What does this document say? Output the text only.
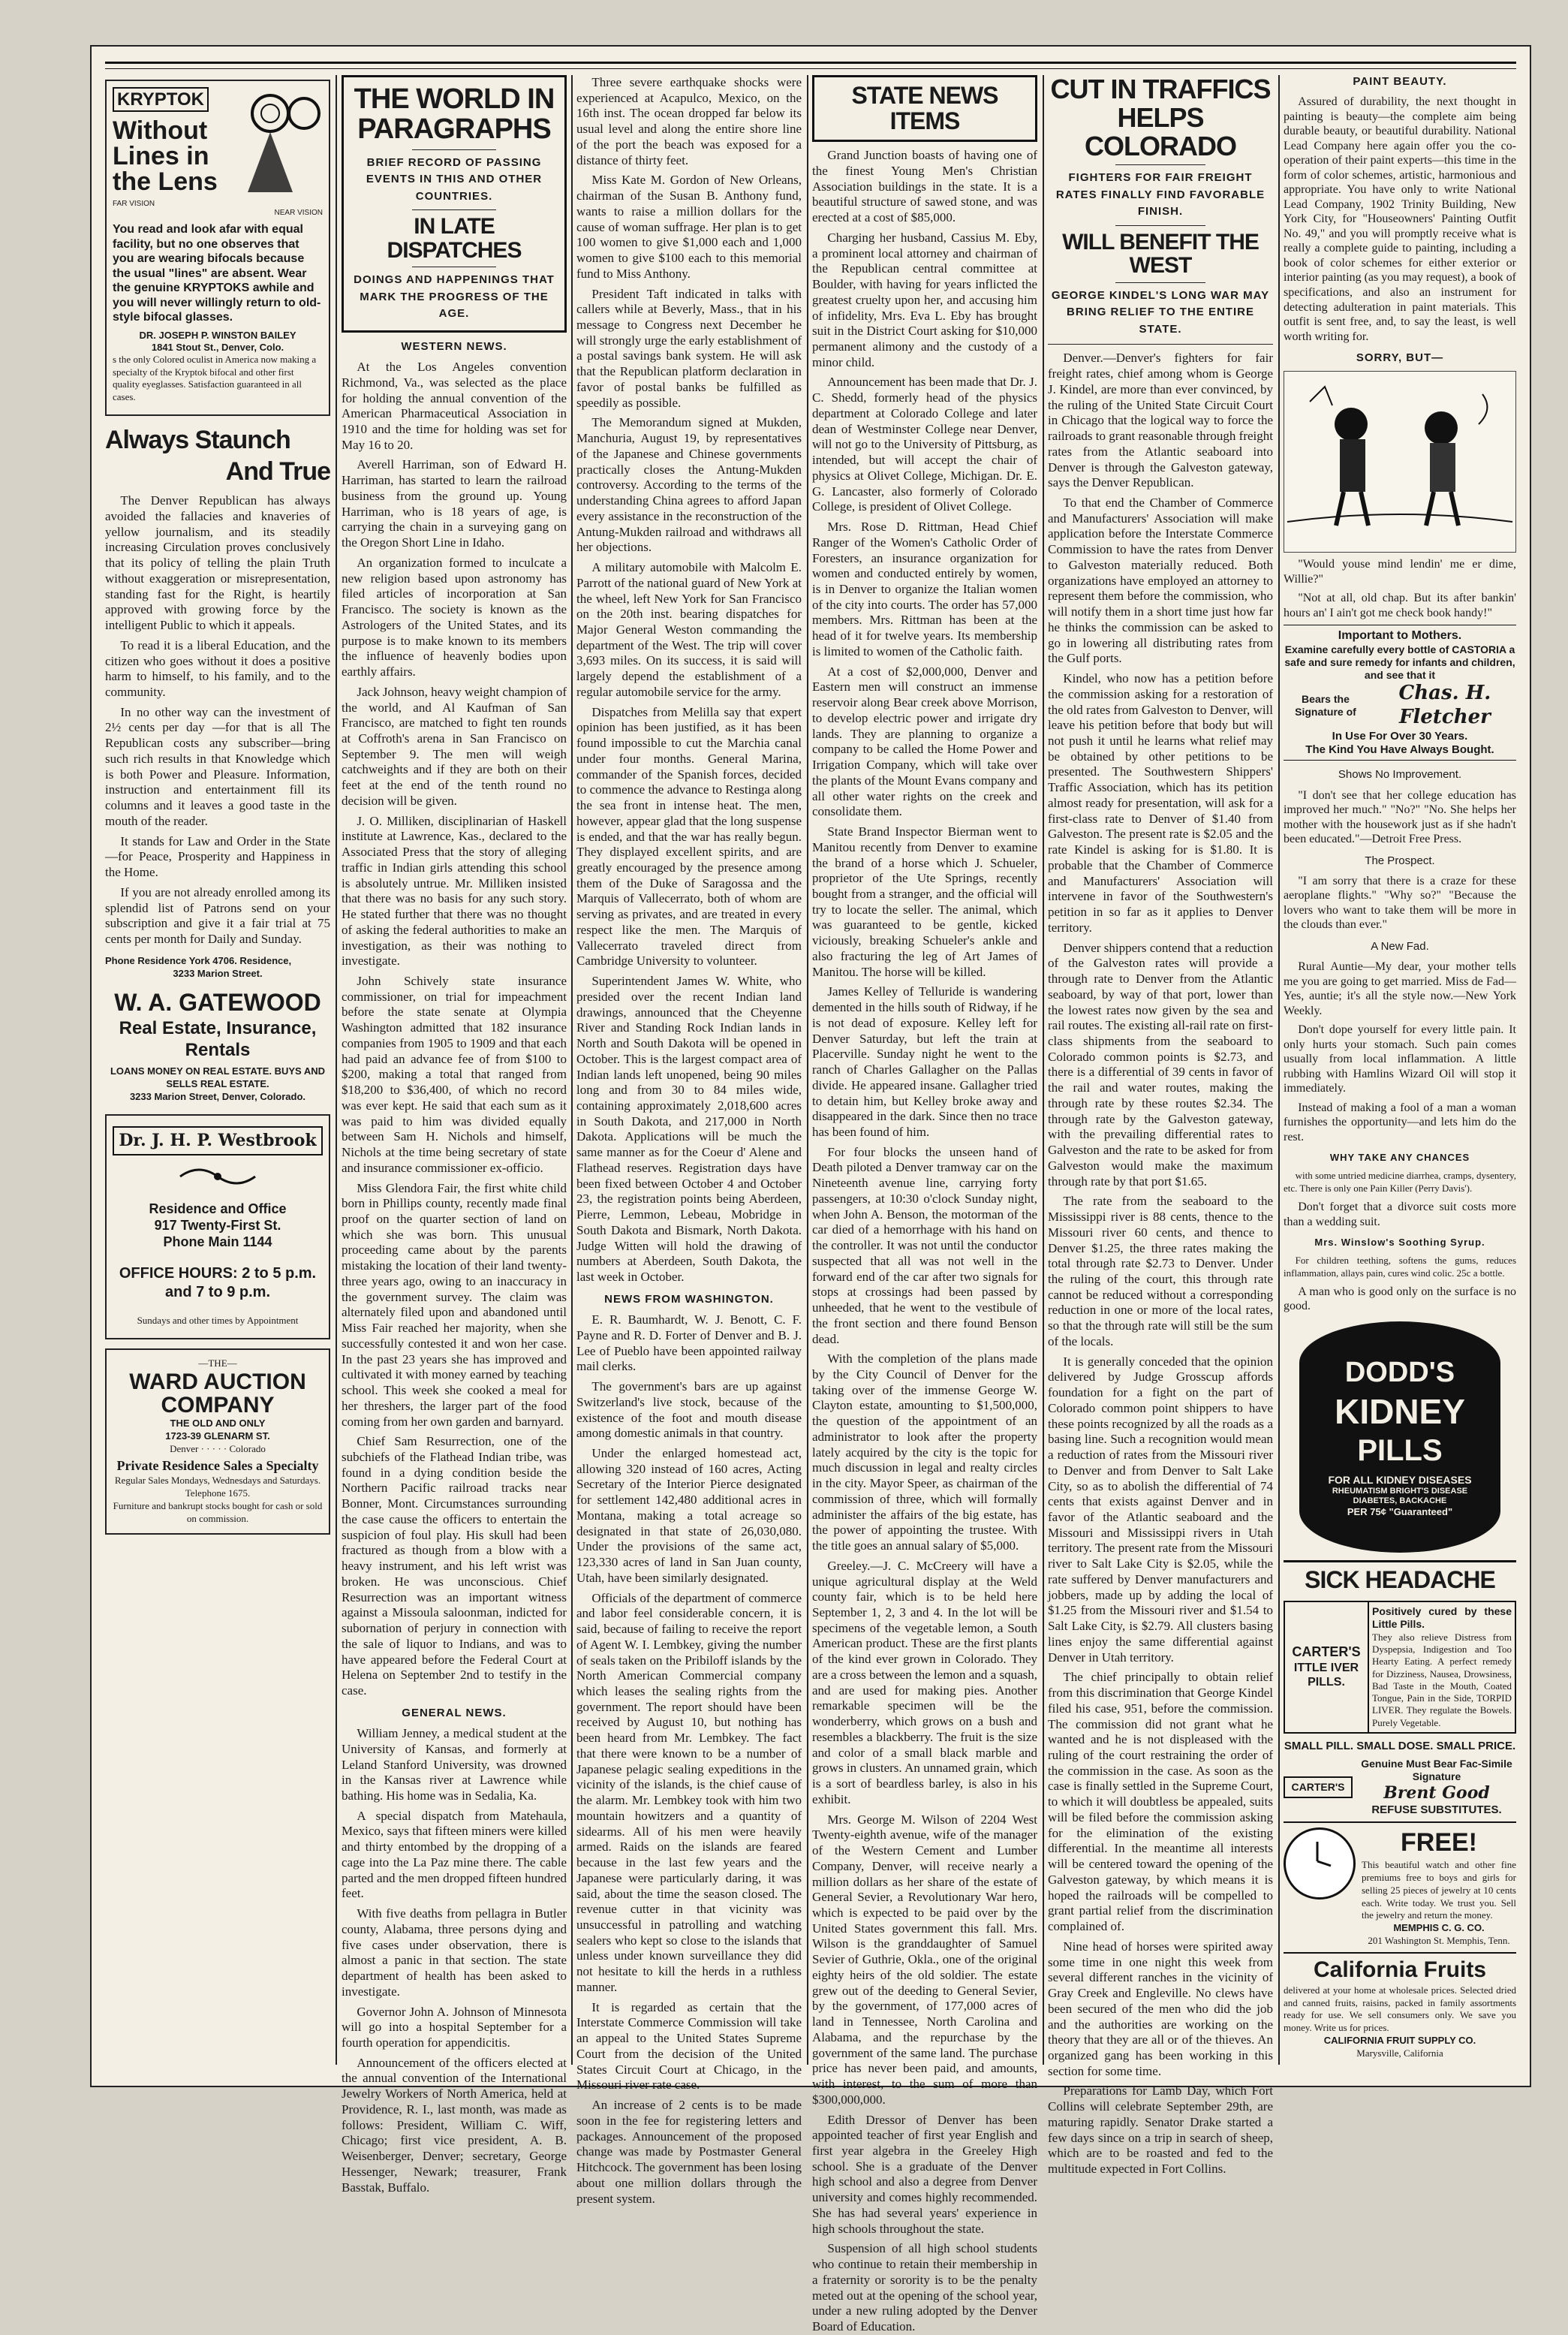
KRYPTOK
Without Lines in the Lens
FAR VISION
NEAR VISION

You read and look afar with equal facility, but no one observes that you are wearing bifocals because the usual "lines" are absent. Wear the genuine KRYPTOKS awhile and you will never willingly return to old-style bifocal glasses.

DR. JOSEPH P. WINSTON BAILEY
1841 Stout St., Denver, Colo.

s the only Colored oculist in America now making a specialty of the Kryptok bifocal and other first quality eyeglasses. Satisfaction guaranteed in all cases.

Always Staunch
And True

The Denver Republican has always avoided the fallacies and knaveries of yellow journalism, and its steadily increasing Circulation proves conclusively that its policy of telling the plain Truth without exaggeration or misrepresentation, standing fast for the Right, is heartily approved with growing force by the intelligent Public to which it appeals.

To read it is a liberal Education, and the citizen who goes without it does a positive harm to himself, to his family, and to the community.

In no other way can the investment of 2½ cents per day —for that is all The Republican costs any subscriber—bring such rich results in that Knowledge which is both Power and Pleasure. Information, instruction and entertainment fill its columns and it leaves a good taste in the mouth of the reader.

It stands for Law and Order in the State—for Peace, Prosperity and Happiness in the Home.

If you are not already enrolled among its splendid list of Patrons send on your subscription and give it a fair trial at 75 cents per month for Daily and Sunday.

Phone Residence York 4706. Residence,
3233 Marion Street.
W. A. GATEWOOD
Real Estate, Insurance, Rentals
LOANS MONEY ON REAL ESTATE. BUYS AND SELLS REAL ESTATE.
3233 Marion Street, Denver, Colorado.
Dr. J. H. P. Westbrook
Residence and Office
917 Twenty-First St.
Phone Main 1144
OFFICE HOURS: 2 to 5 p.m.
and 7 to 9 p.m.
Sundays and other times by Appointment
—THE—
WARD AUCTION COMPANY
THE OLD AND ONLY
1723-39 GLENARM ST.
Denver · · · · · Colorado
Private Residence Sales a Specialty
Regular Sales Mondays, Wednesdays and Saturdays.
Telephone 1675.
Furniture and bankrupt stocks bought for cash or sold on commission.
THE WORLD IN PARAGRAPHS
BRIEF RECORD OF PASSING EVENTS IN THIS AND OTHER COUNTRIES.
IN LATE DISPATCHES
DOINGS AND HAPPENINGS THAT MARK THE PROGRESS OF THE AGE.
WESTERN NEWS.

At the Los Angeles convention Richmond, Va., was selected as the place for holding the annual convention of the American Pharmaceutical Association in 1910 and the time for holding was set for May 16 to 20.

Averell Harriman, son of Edward H. Harriman, has started to learn the railroad business from the ground up. Young Harriman, who is 18 years of age, is carrying the chain in a surveying gang on the Oregon Short Line in Idaho.

An organization formed to inculcate a new religion based upon astronomy has filed articles of incorporation at San Francisco. The society is known as the Astrologers of the United States, and its purpose is to make known to its members the influence of heavenly bodies upon earthly affairs.

Jack Johnson, heavy weight champion of the world, and Al Kaufman of San Francisco, are matched to fight ten rounds at Coffroth's arena in San Francisco on September 9. The men will weigh catchweights and if they are both on their feet at the end of the tenth round no decision will be given.

J. O. Milliken, disciplinarian of Haskell institute at Lawrence, Kas., declared to the Associated Press that the story of alleging traffic in Indian girls attending this school is absolutely untrue. Mr. Milliken insisted that there was no basis for any such story. He stated further that there was no thought of asking the federal authorities to make an investigation, as their was nothing to investigate.

John Schively state insurance commissioner, on trial for impeachment before the state senate at Olympia Washington admitted that 182 insurance companies from 1905 to 1909 and that each had paid an advance fee of from $100 to $200, making a total that ranged from $18,200 to $36,400, of which no record was ever kept. He said that each sum as it was paid to him was divided equally between Sam H. Nichols and himself, Nichols at the time being secretary of state and insurance commissioner ex-officio.

Miss Glendora Fair, the first white child born in Phillips county, recently made final proof on the quarter section of land on which she was born. This unusual proceeding came about by the parents mistaking the location of their land twenty-three years ago, owing to an inaccuracy in the government survey. The claim was alternately filed upon and abandoned until Miss Fair reached her majority, when she successfully contested it and won her case. In the past 23 years she has improved and cultivated it with money earned by teaching school. This week she cooked a meal for her threshers, the larger part of the food coming from her own garden and barnyard.

Chief Sam Resurrection, one of the subchiefs of the Flathead Indian tribe, was found in a dying condition beside the Northern Pacific railroad tracks near Bonner, Mont. Circumstances surrounding the case cause the officers to entertain the suspicion of foul play. His skull had been fractured as though from a blow with a heavy instrument, and his left wrist was broken. He was unconscious. Chief Resurrection was an important witness against a Missoula saloonman, indicted for subornation of perjury in connection with the sale of liquor to Indians, and was to have appeared before the Federal Court at Helena on September 2nd to testify in the case.

GENERAL NEWS.

William Jenney, a medical student at the University of Kansas, and formerly at Leland Stanford University, was drowned in the Kansas river at Lawrence while bathing. His home was in Sedalia, Ka.

A special dispatch from Matehaula, Mexico, says that fifteen miners were killed and thirty entombed by the dropping of a cage into the La Paz mine there. The cable parted and the men dropped fifteen hundred feet.

With five deaths from pellagra in Butler county, Alabama, three persons dying and five cases under observation, there is almost a panic in that section. The state department of health has been asked to investigate.

Governor John A. Johnson of Minnesota will go into a hospital September for a fourth operation for appendicitis.

Announcement of the officers elected at the annual convention of the International Jewelry Workers of North America, held at Providence, R. I., last month, was made as follows: President, William C. Wiff, Chicago; first vice president, A. B. Weisenberger, Denver; secretary, George Hessenger, Newark; treasurer, Frank Basstak, Buffalo.

Three severe earthquake shocks were experienced at Acapulco, Mexico, on the 16th inst. The ocean dropped far below its usual level and along the entire shore line of the port the beach was exposed for a distance of thirty feet.

Miss Kate M. Gordon of New Orleans, chairman of the Susan B. Anthony fund, wants to raise a million dollars for the cause of woman suffrage. Her plan is to get 100 women to give $1,000 each and 1,000 women to give $100 each to this memorial fund to Miss Anthony.

President Taft indicated in talks with callers while at Beverly, Mass., that in his message to Congress next December he will strongly urge the early establishment of a postal savings bank system. He will ask that the Republican platform declaration in favor of postal banks be fulfilled as speedily as possible.

The Memorandum signed at Mukden, Manchuria, August 19, by representatives of the Japanese and Chinese governments practically closes the Antung-Mukden controversy. According to the terms of the understanding China agrees to afford Japan every assistance in the reconstruction of the Antung-Mukden railroad and withdraws all her objections.

A military automobile with Malcolm E. Parrott of the national guard of New York at the wheel, left New York for San Francisco on the 20th inst. bearing dispatches for Major General Weston commanding the department of the West. The trip will cover 3,693 miles. On its success, it is said will largely depend the establishment of a regular automobile service for the army.

Dispatches from Melilla say that expert opinion has been justified, as it has been found impossible to cut the Marchia canal under four months. General Marina, commander of the Spanish forces, decided to commence the advance to Restinga along the sea front in intense heat. The men, however, appear glad that the long suspense is ended, and that the war has really begun. They displayed excellent spirits, and are greatly encouraged by the presence among them of the Duke of Saragossa and the Marquis of Vallecerrato, both of whom are serving as privates, and are treated in every respect like the men. The Marquis of Vallecerrato traveled direct from Cambridge University to volunteer.

Superintendent James W. White, who presided over the recent Indian land drawings, announced that the Cheyenne River and Standing Rock Indian lands in North and South Dakota will be opened in October. This is the largest compact area of Indian lands left unopened, being 90 miles long and from 30 to 84 miles wide, containing approximately 2,018,600 acres in South Dakota, and 217,000 in North Dakota. Applications will be much the same manner as for the Coeur d' Alene and Flathead reserves. Registration days have been fixed between October 4 and October 23, the registration points being Aberdeen, Pierre, Lemmon, Lebeau, Mobridge in South Dakota and Bismark, North Dakota. Judge Witten will hold the drawing of numbers at Aberdeen, South Dakota, the last week in October.

NEWS FROM WASHINGTON.

E. R. Baumhardt, W. J. Benott, C. F. Payne and R. D. Forter of Denver and B. J. Lee of Pueblo have been appointed railway mail clerks.

The government's bars are up against Switzerland's live stock, because of the existence of the foot and mouth disease among domestic animals in that country.

Under the enlarged homestead act, allowing 320 instead of 160 acres, Acting Secretary of the Interior Pierce designated for settlement 142,480 additional acres in Montana, making a total acreage so designated in that state of 26,030,080. Under the provisions of the same act, 123,330 acres of land in San Juan county, Utah, have been similarly designated.

Officials of the department of commerce and labor feel considerable concern, it is said, because of failing to receive the report of Agent W. I. Lembkey, giving the number of seals taken on the Pribiloff islands by the North American Commercial company which leases the sealing rights from the government. The report should have been received by August 10, but nothing has been heard from Mr. Lembkey. The fact that there were known to be a number of Japanese pelagic sealing expeditions in the vicinity of the islands, is the chief cause of the alarm. Mr. Lembkey took with him two mountain howitzers and a quantity of sidearms. All of his men were heavily armed. Raids on the islands are feared because in the last few years and the Japanese were particularly daring, it was said, about the time the season closed. The revenue cutter in that vicinity was unsuccessful in patrolling and watching sealers who kept so close to the islands that unless under known surveillance they did not hesitate to kill the herds in a ruthless manner.

It is regarded as certain that the Interstate Commerce Commission will take an appeal to the United States Supreme Court from the decision of the United States Circuit Court at Chicago, in the Missouri river rate case.

An increase of 2 cents is to be made soon in the fee for registering letters and packages. Announcement of the proposed change was made by Postmaster General Hitchcock. The government has been losing about one million dollars through the present system.

STATE NEWS ITEMS

Grand Junction boasts of having one of the finest Young Men's Christian Association buildings in the state. It is a beautiful structure of sawed stone, and was erected at a cost of $85,000.

Charging her husband, Cassius M. Eby, a prominent local attorney and chairman of the Republican central committee at Boulder, with having for years inflicted the greatest cruelty upon her, and accusing him of infidelity, Mrs. Eva L. Eby has brought suit in the District Court asking for $10,000 permanent alimony and the custody of a minor child.

Announcement has been made that Dr. J. C. Shedd, formerly head of the physics department at Colorado College and later dean of Westminster College near Denver, will not go to the University of Pittsburg, as intended, but will accept the chair of physics at Olivet College, Michigan. Dr. E. G. Lancaster, also formerly of Colorado College, is president of Olivet College.

Mrs. Rose D. Rittman, Head Chief Ranger of the Women's Catholic Order of Foresters, an insurance organization for women and conducted entirely by women, is in Denver to organize the Italian women of the city into courts. The order has 57,000 members. Mrs. Rittman has been at the head of it for twelve years. Its membership is limited to women of the Catholic faith.

At a cost of $2,000,000, Denver and Eastern men will construct an immense reservoir along Bear creek above Morrison, to develop electric power and irrigate dry lands. They are planning to organize a company to be called the Home Power and Irrigation Company, which will take over the plants of the Mount Evans company and all other water rights on the creek and consolidate them.

State Brand Inspector Bierman went to Manitou recently from Denver to examine the brand of a horse which J. Schueler, proprietor of the Ute Springs, recently bought from a stranger, and the official will try to locate the seller. The animal, which was guaranteed to be gentle, kicked viciously, breaking Schueler's ankle and also fracturing the leg of Art James of Manitou. The horse will be killed.

James Kelley of Telluride is wandering demented in the hills south of Ridway, if he is not dead of exposure. Kelley left for Denver Saturday, but left the train at Placerville. Sunday night he went to the ranch of Charles Gallagher on the Pallas divide. He appeared insane. Gallagher tried to detain him, but Kelley broke away and disappeared in the dark. Since then no trace has been found of him.

For four blocks the unseen hand of Death piloted a Denver tramway car on the Nineteenth avenue line, carrying forty passengers, at 10:30 o'clock Sunday night, when John A. Benson, the motorman of the car died of a hemorrhage with his hand on the controller. It was not until the conductor suspected that all was not well in the forward end of the car after two signals for stops at crossings had been passed by unheeded, that he went to the vestibule of the front section and there found Benson dead.

With the completion of the plans made by the City Council of Denver for the taking over of the immense George W. Clayton estate, amounting to $1,500,000, the question of the appointment of an administrator to look after the property lately acquired by the city is the topic for much discussion in legal and realty circles in the city. Mayor Speer, as chairman of the commission of three, which will formally administer the affairs of the big estate, has the power of appointing the trustee. With the title goes an annual salary of $5,000.

Greeley.—J. C. McCreery will have a unique agricultural display at the Weld county fair, which is to be held here September 1, 2, 3 and 4. In the lot will be specimens of the vegetable lemon, a South American product. These are the first plants of the kind ever grown in Colorado. They are a cross between the lemon and a squash, and are used for making pies. Another remarkable specimen will be the wonderberry, which grows on a bush and resembles a blackberry. The fruit is the size and color of a small black marble and grows in clusters. An unnamed grain, which is a sort of beardless barley, is also in his exhibit.

Mrs. George M. Wilson of 2204 West Twenty-eighth avenue, wife of the manager of the Western Cement and Lumber Company, Denver, will receive nearly a million dollars as her share of the estate of General Sevier, a Revolutionary War hero, which is expected to be paid over by the United States government this fall. Mrs. Wilson is the granddaughter of Samuel Sevier of Guthrie, Okla., one of the original eighty heirs of the old soldier. The estate grew out of the deeding to General Sevier, by the government, of 177,000 acres of land in Tennessee, North Carolina and Alabama, and the repurchase by the government of the same land. The purchase price has never been paid, and amounts, with interest, to the sum of more than $300,000,000.

Edith Dressor of Denver has been appointed teacher of first year English and first year algebra in the Greeley High school. She is a graduate of the Denver high school and also a degree from Denver university and comes highly recommended. She has had several years' experience in high schools throughout the state.

Suspension of all high school students who continue to retain their membership in a fraternity or sorority is to be the penalty meted out at the opening of the school year, under a new ruling adopted by the Denver Board of Education.

CUT IN TRAFFICS HELPS COLORADO
FIGHTERS FOR FAIR FREIGHT RATES FINALLY FIND FAVORABLE FINISH.
WILL BENEFIT THE WEST
GEORGE KINDEL'S LONG WAR MAY BRING RELIEF TO THE ENTIRE STATE.

Denver.—Denver's fighters for fair freight rates, chief among whom is George J. Kindel, are more than ever convinced, by the ruling of the United State Circuit Court in Chicago that the logical way to force the railroads to grant reasonable through freight rates from the Atlantic seaboard into Denver is through the Galveston gateway, says the Denver Republican.

To that end the Chamber of Commerce and Manufacturers' Association will make application before the Interstate Commerce Commission to have the rates from Denver to Galveston materially reduced. Both organizations have employed an attorney to represent them before the commission, who will notify them in a short time just how far he thinks the commission can be asked to go in lowering all distributing rates from the Gulf ports.

Kindel, who now has a petition before the commission asking for a restoration of the old rates from Galveston to Denver, will leave his petition before that body but will not push it until he learns what relief may be obtained by other petitions to be presented. The Southwestern Shippers' Traffic Association, which has its petition almost ready for presentation, will ask for a first-class rate to Denver of $1.40 from Galveston. The present rate is $2.05 and the rate Kindel is asking for is $1.80. It is probable that the Chamber of Commerce and Manufacturers' Association will intervene in favor of the Southwestern's petition in so far as it applies to Denver territory.

Denver shippers contend that a reduction of the Galveston rates will provide a through rate to Denver from the Atlantic seaboard, by way of that port, lower than the lowest rates now given by the sea and rail routes. The existing all-rail rate on first-class shipments from the seaboard to Colorado common points is $2.73, and there is a differential of 39 cents in favor of the rail and water routes, making the through rate by these routes $2.34. The through rate by the Galveston gateway, with the prevailing differential rates to Galveston and the rate to be asked for from Galveston would make the maximum through rate by that port $1.65.

The rate from the seaboard to the Mississippi river is 88 cents, thence to the Missouri river 60 cents, and thence to Denver $1.25, the three rates making the total through rate $2.73 to Denver. Under the ruling of the court, this through rate cannot be reduced without a corresponding reduction in one or more of the local rates, so that the through rate will still be the sum of the locals.

It is generally conceded that the opinion delivered by Judge Grosscup affords foundation for a fight on the part of Colorado common point shippers to have these points recognized by all the roads as a basing line. Such a recognition would mean a reduction of rates from the Missouri river to Denver and from Denver to Salt Lake City, so as to abolish the differential of 74 cents that exists against Denver and in favor of the Atlantic seaboard and the Missouri and Mississippi rivers in Utah territory. The present rate from the Missouri river to Salt Lake City is $2.05, while the rate suffered by Denver manufacturers and jobbers, made up by adding the local of $1.25 from the Missouri river and $1.54 to Salt Lake City, is $2.79. All clusters basing lines enjoy the same differential against Denver in Utah territory.

The chief principally to obtain relief from this discrimination that George Kindel filed his case, 951, before the commission. The commission did not grant what he wanted and he is not displeased with the ruling of the court restraining the order of the commission in the case. As soon as the case is finally settled in the Supreme Court, to which it will doubtless be appealed, suits will be filed before the commission asking for the elimination of the existing differential. In the meantime all interests will be centered toward the opening of the Galveston gateway, by which means it is hoped the railroads will be compelled to grant partial relief from the discrimination complained of.

Nine head of horses were spirited away some time in one night this week from several different ranches in the vicinity of Gray Creek and Engleville. No clews have been secured of the men who did the job and the authorities are working on the theory that they are all or of the thieves. An organized gang has been working in this section for some time.

Preparations for Lamb Day, which Fort Collins will celebrate September 29th, are maturing rapidly. Senator Drake started a few days since on a trip in search of sheep, which are to be roasted and fed to the multitude expected in Fort Collins.

PAINT BEAUTY.

Assured of durability, the next thought in painting is beauty—the complete aim being durable beauty, or beautiful durability. National Lead Company here again offer you the co-operation of their paint experts—this time in the form of color schemes, artistic, harmonious and appropriate. You have only to write National Lead Company, 1902 Trinity Building, New York City, for "Houseowners' Painting Outfit No. 49," and you will promptly receive what is really a complete guide to painting, including a book of color schemes for either exterior or interior painting (as you may request), a book of specifications, and also an instrument for detecting adulteration in paint materials. This outfit is sent free, and, to say the least, is well worth writing for.

SORRY, BUT—

"Would youse mind lendin' me er dime, Willie?"

"Not at all, old chap. But its after bankin' hours an' I ain't got me check book handy!"

Important to Mothers.
Examine carefully every bottle of CASTORIA a safe and sure remedy for infants and children, and see that it
Bears the Signature of
Chas. H. Fletcher
In Use For Over 30 Years.
The Kind You Have Always Bought.
Shows No Improvement.

"I don't see that her college education has improved her much." "No?" "No. She helps her mother with the housework just as if she hadn't been educated."—Detroit Free Press.

The Prospect.

"I am sorry that there is a craze for these aeroplane flights." "Why so?" "Because the lovers who want to take them will be more in the clouds than ever."

A New Fad.

Rural Auntie—My dear, your mother tells me you are going to get married. Miss de Fad—Yes, auntie; it's all the style now.—New York Weekly.

Don't dope yourself for every little pain. It only hurts your stomach. Such pain comes usually from local inflammation. A little rubbing with Hamlins Wizard Oil will stop it immediately.

Instead of making a fool of a man a woman furnishes the opportunity—and lets him do the rest.

WHY TAKE ANY CHANCES

with some untried medicine diarrhea, cramps, dysentery, etc. There is only one Pain Killer (Perry Davis').

Don't forget that a divorce suit costs more than a wedding suit.

Mrs. Winslow's Soothing Syrup.

For children teething, softens the gums, reduces inflammation, allays pain, cures wind colic. 25c a bottle.

A man who is good only on the surface is no good.

DODD'S
KIDNEY
PILLS
FOR ALL KIDNEY DISEASES
RHEUMATISM BRIGHT'S DISEASE DIABETES, BACKACHE
PER 75¢ "Guaranteed"
SICK HEADACHE
CARTER'S
ITTLE IVER PILLS.
Positively cured by these Little Pills.
They also relieve Distress from Dyspepsia, Indigestion and Too Hearty Eating. A perfect remedy for Dizziness, Nausea, Drowsiness, Bad Taste in the Mouth, Coated Tongue, Pain in the Side, TORPID LIVER. They regulate the Bowels. Purely Vegetable.
SMALL PILL. SMALL DOSE. SMALL PRICE.
CARTER'S
Genuine Must Bear Fac-Simile Signature
Brent Good
REFUSE SUBSTITUTES.
FREE!
This beautiful watch and other fine premiums free to boys and girls for selling 25 pieces of jewelry at 10 cents each. Write today. We trust you. Sell the jewelry and return the money.
MEMPHIS C. G. CO.
201 Washington St. Memphis, Tenn.
California Fruits
delivered at your home at wholesale prices. Selected dried and canned fruits, raisins, packed in family assortments ready for use. We sell consumers only. We save you money. Write us for prices.
CALIFORNIA FRUIT SUPPLY CO.
Marysville, California
